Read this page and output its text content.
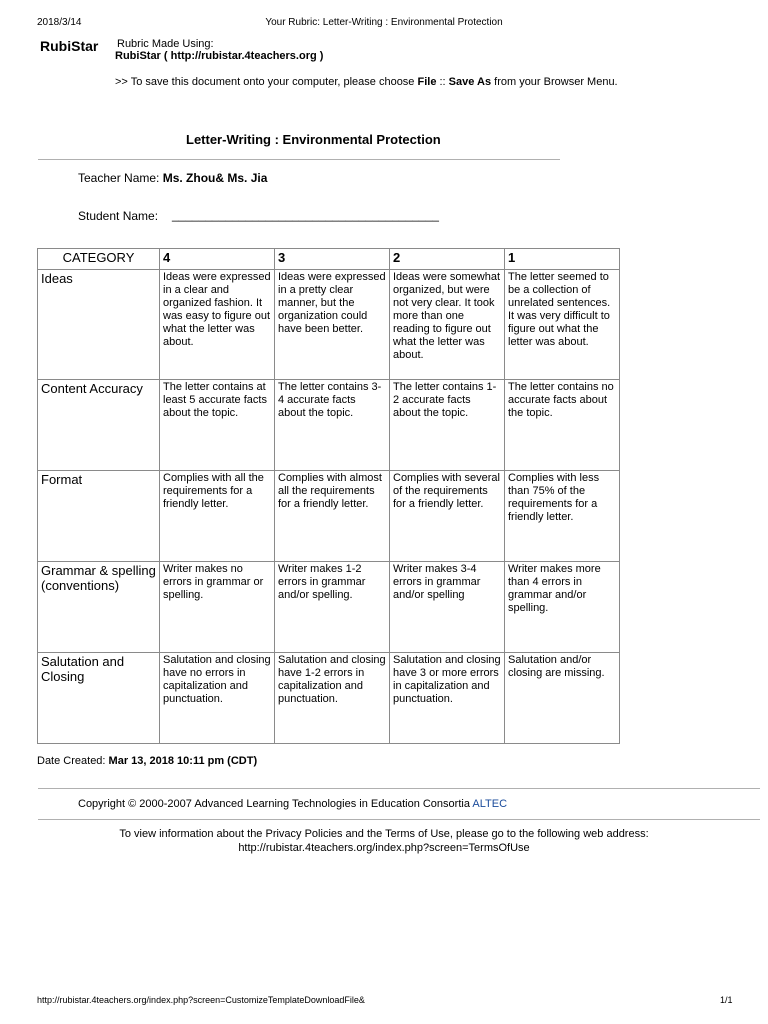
2018/3/14	Your Rubric: Letter-Writing : Environmental Protection
RubiStar Rubric Made Using:
RubiStar ( http://rubistar.4teachers.org )
>> To save this document onto your computer, please choose File :: Save As from your Browser Menu.
Letter-Writing : Environmental Protection
Teacher Name: Ms. Zhou& Ms. Jia
Student Name: ________________________________________
CATEGORY	4	3	2	1
Ideas	Ideas were expressed in a clear and organized fashion. It was easy to figure out what the letter was about.	Ideas were expressed in a pretty clear manner, but the organization could have been better.	Ideas were somewhat organized, but were not very clear. It took more than one reading to figure out what the letter was about.	The letter seemed to be a collection of unrelated sentences. It was very difficult to figure out what the letter was about.
Content Accuracy	The letter contains at least 5 accurate facts about the topic.	The letter contains 3-4 accurate facts about the topic.	The letter contains 1-2 accurate facts about the topic.	The letter contains no accurate facts about the topic.
Format	Complies with all the requirements for a friendly letter.	Complies with almost all the requirements for a friendly letter.	Complies with several of the requirements for a friendly letter.	Complies with less than 75% of the requirements for a friendly letter.
Grammar & spelling (conventions)	Writer makes no errors in grammar or spelling.	Writer makes 1-2 errors in grammar and/or spelling.	Writer makes 3-4 errors in grammar and/or spelling	Writer makes more than 4 errors in grammar and/or spelling.
Salutation and Closing	Salutation and closing have no errors in capitalization and punctuation.	Salutation and closing have 1-2 errors in capitalization and punctuation.	Salutation and closing have 3 or more errors in capitalization and punctuation.	Salutation and/or closing are missing.
Date Created: Mar 13, 2018 10:11 pm (CDT)
Copyright © 2000-2007 Advanced Learning Technologies in Education Consortia ALTEC
To view information about the Privacy Policies and the Terms of Use, please go to the following web address:
http://rubistar.4teachers.org/index.php?screen=TermsOfUse
http://rubistar.4teachers.org/index.php?screen=CustomizeTemplateDownloadFile&	1/1
